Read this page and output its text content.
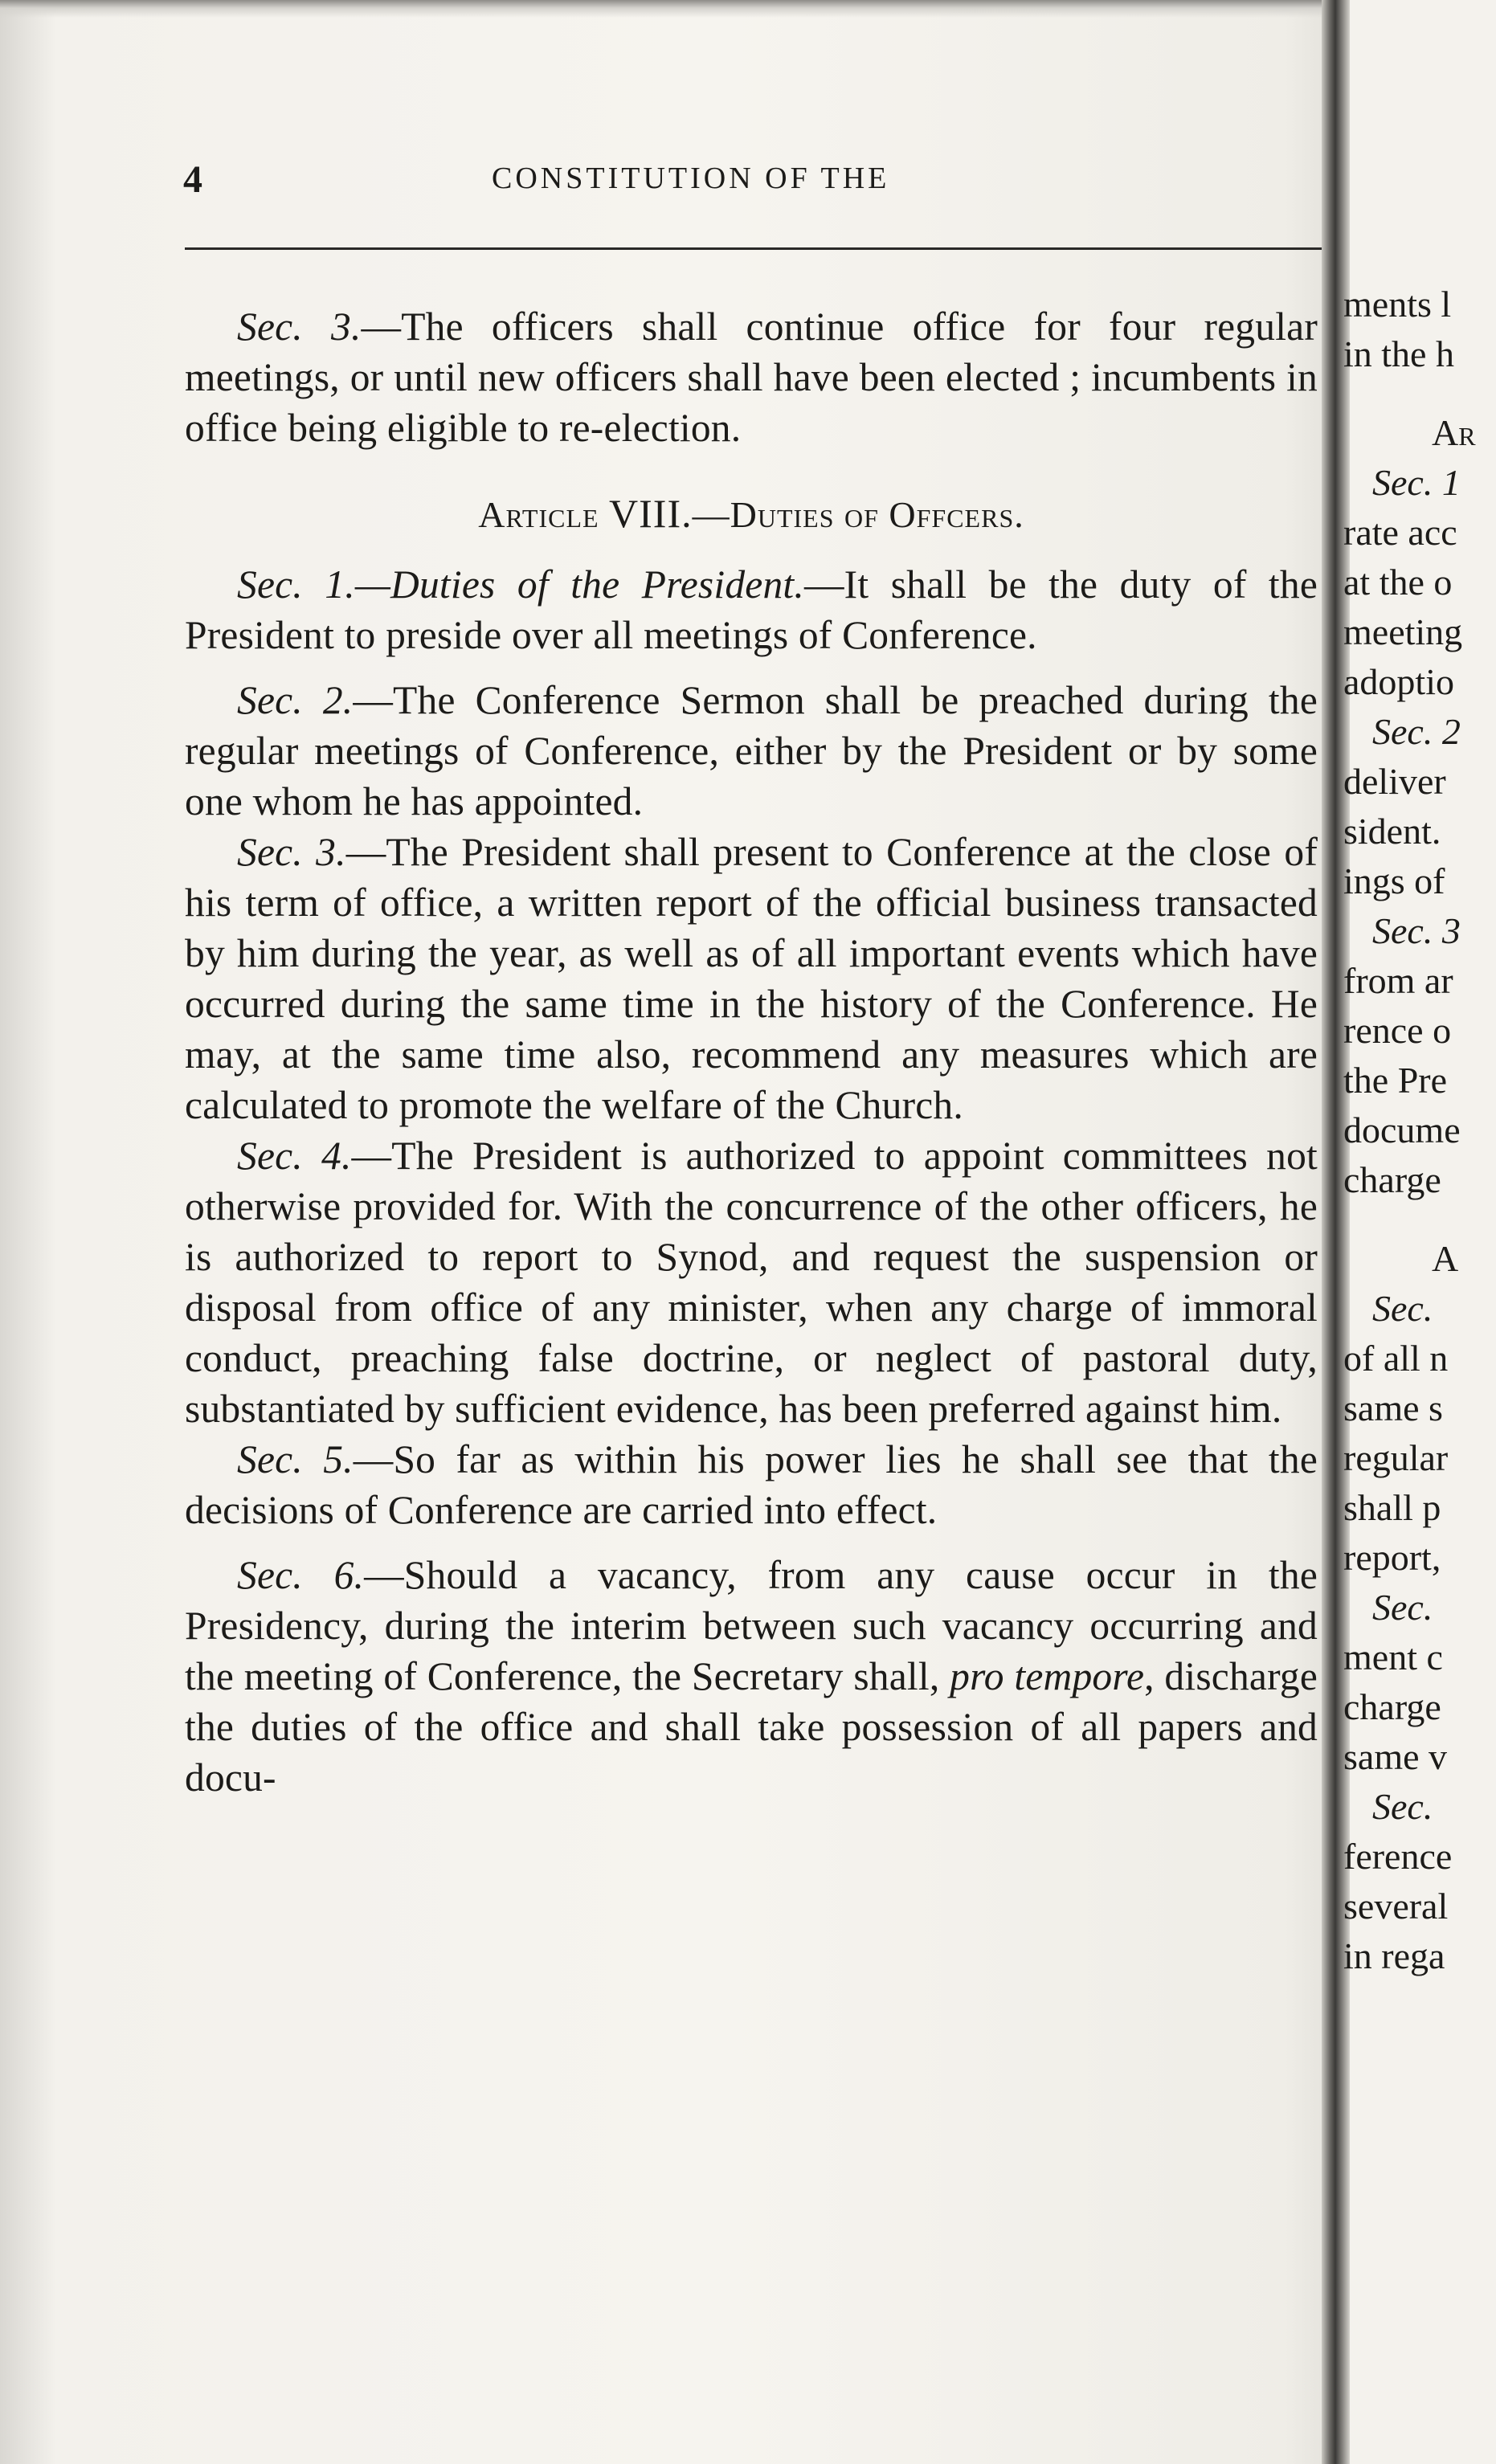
4	CONSTITUTION OF THE

Sec. 3.—The officers shall continue office for four regular meetings, or until new officers shall have been elected ; incumbents in office being eligible to re-election.

Article VIII.—Duties of Offcers.

Sec. 1.—Duties of the President.—It shall be the duty of the President to preside over all meetings of Conference.

Sec. 2.—The Conference Sermon shall be preached during the regular meetings of Conference, either by the President or by some one whom he has appointed.

Sec. 3.—The President shall present to Conference at the close of his term of office, a written report of the official business transacted by him during the year, as well as of all important events which have occurred during the same time in the history of the Conference. He may, at the same time also, recommend any measures which are calculated to promote the welfare of the Church.

Sec. 4.—The President is authorized to appoint committees not otherwise provided for. With the concurrence of the other officers, he is authorized to report to Synod, and request the suspension or disposal from office of any minister, when any charge of immoral conduct, preaching false doctrine, or neglect of pastoral duty, substantiated by sufficient evidence, has been preferred against him.

Sec. 5.—So far as within his power lies he shall see that the decisions of Conference are carried into effect.

Sec. 6.—Should a vacancy, from any cause occur in the Presidency, during the interim between such vacancy occurring and the meeting of Conference, the Secretary shall, pro tempore, discharge the duties of the office and shall take possession of all papers and docu-

ments l
in the h
Ar
Sec. 1
rate acc
at the o
meeting
adoptio
Sec. 2
deliver
sident.
ings of
Sec. 3
from ar
rence o
the Pre
docume
charge
A
Sec.
of all n
same s
regular
shall p
report,
Sec.
ment c
charge
same v
Sec.
ference
several
in rega
